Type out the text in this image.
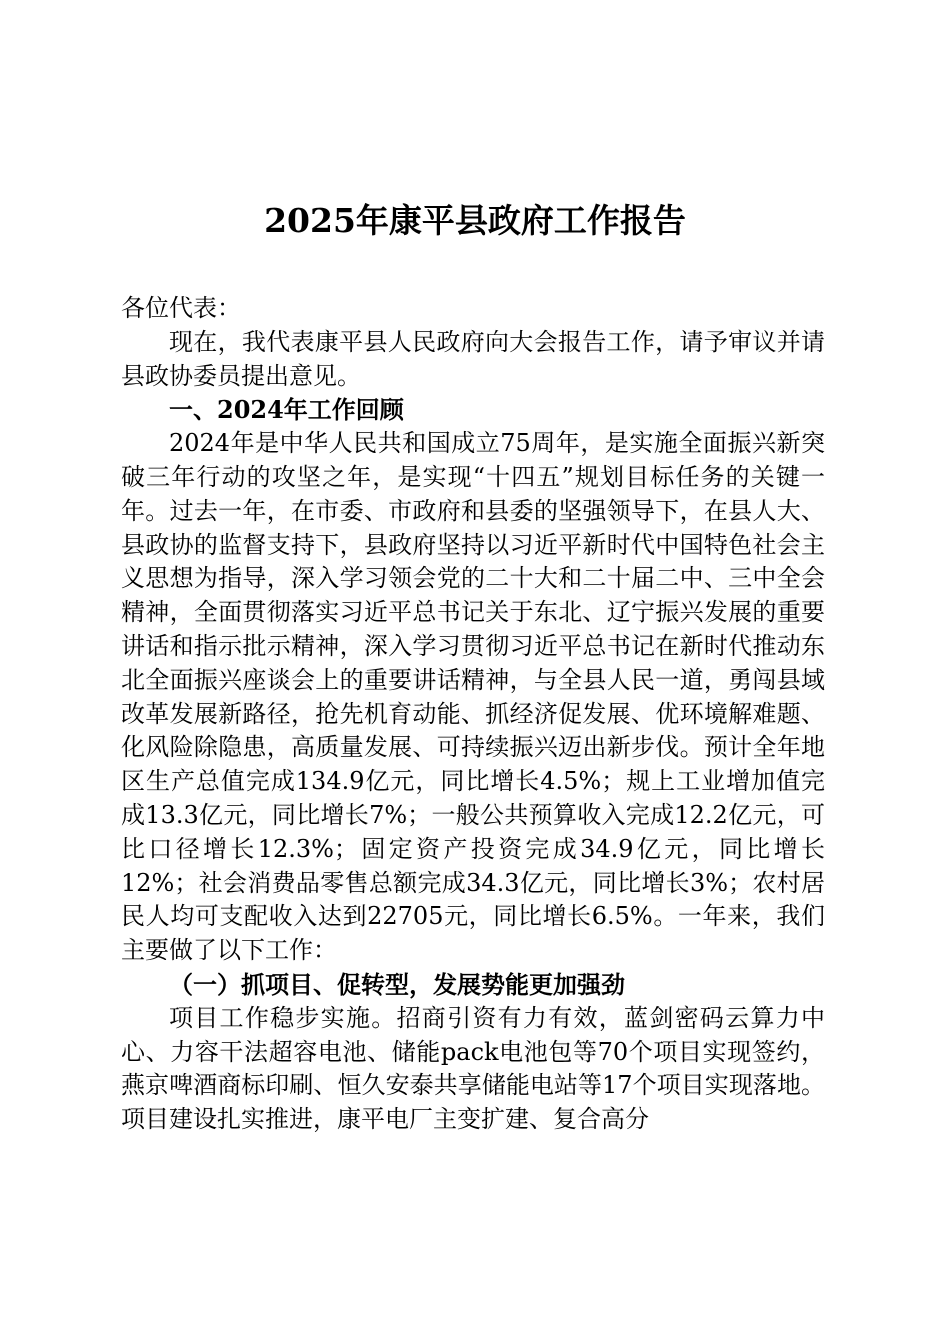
2025年康平县政府工作报告

各位代表：

现在，我代表康平县人民政府向大会报告工作，请予审议并请县政协委员提出意见。

一、2024年工作回顾

2024年是中华人民共和国成立75周年，是实施全面振兴新突破三年行动的攻坚之年，是实现“十四五”规划目标任务的关键一年。过去一年，在市委、市政府和县委的坚强领导下，在县人大、县政协的监督支持下，县政府坚持以习近平新时代中国特色社会主义思想为指导，深入学习领会党的二十大和二十届二中、三中全会精神，全面贯彻落实习近平总书记关于东北、辽宁振兴发展的重要讲话和指示批示精神，深入学习贯彻习近平总书记在新时代推动东北全面振兴座谈会上的重要讲话精神，与全县人民一道，勇闯县域改革发展新路径，抢先机育动能、抓经济促发展、优环境解难题、化风险除隐患，高质量发展、可持续振兴迈出新步伐。预计全年地区生产总值完成134.9亿元，同比增长4.5%；规上工业增加值完成13.3亿元，同比增长7%；一般公共预算收入完成12.2亿元，可比口径增长12.3%；固定资产投资完成34.9亿元，同比增长12%；社会消费品零售总额完成34.3亿元，同比增长3%；农村居民人均可支配收入达到22705元，同比增长6.5%。一年来，我们主要做了以下工作：

（一）抓项目、促转型，发展势能更加强劲

项目工作稳步实施。招商引资有力有效，蓝剑密码云算力中心、力容干法超容电池、储能pack电池包等70个项目实现签约，燕京啤酒商标印刷、恒久安泰共享储能电站等17个项目实现落地。项目建设扎实推进，康平电厂主变扩建、复合高分
